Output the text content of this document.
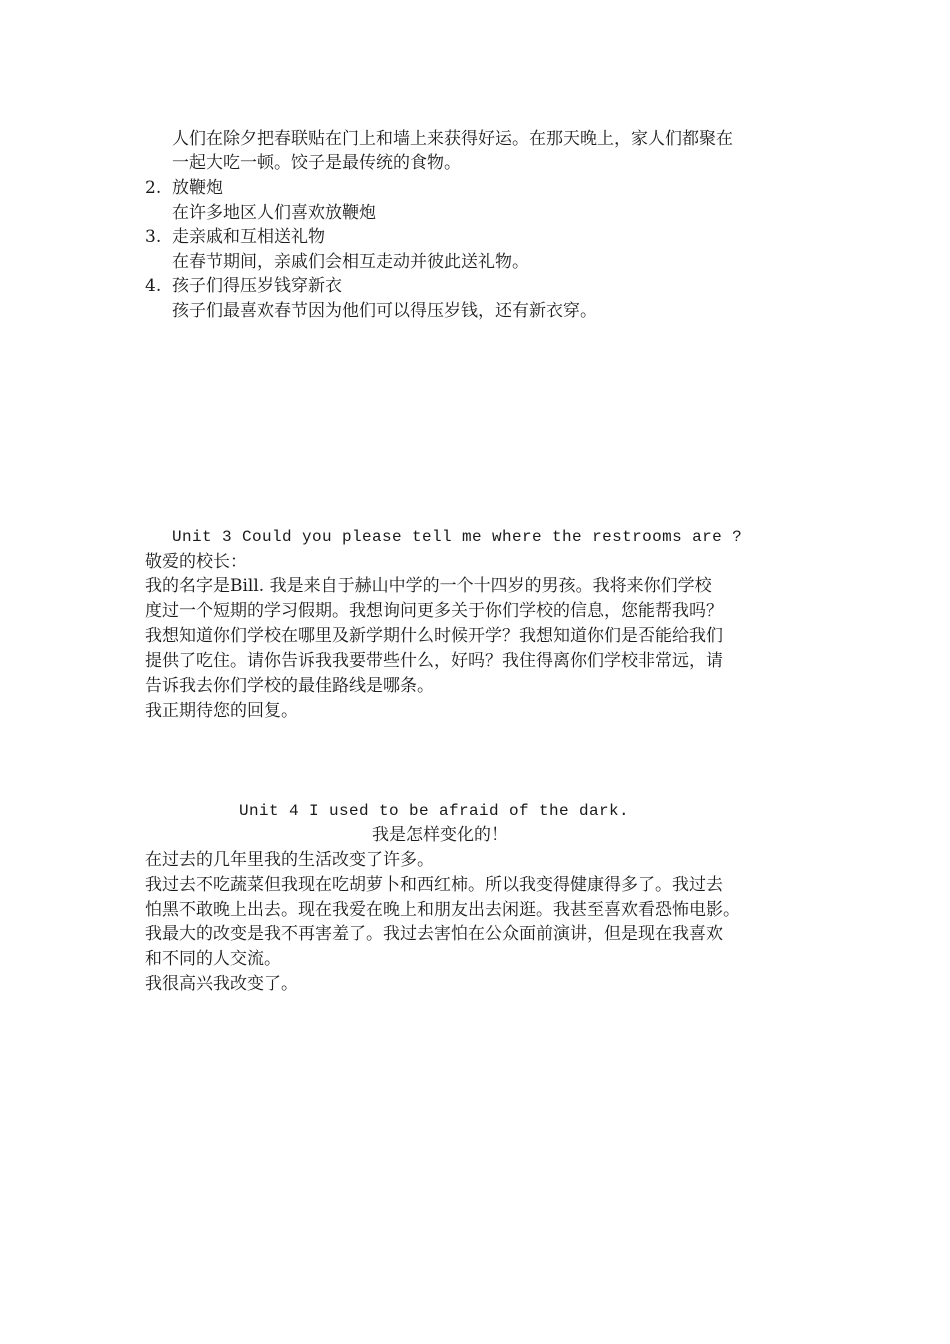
人们在除夕把春联贴在门上和墙上来获得好运。在那天晚上，家人们都聚在
一起大吃一顿。饺子是最传统的食物。
2. 放鞭炮
在许多地区人们喜欢放鞭炮
3. 走亲戚和互相送礼物
在春节期间，亲戚们会相互走动并彼此送礼物。
4. 孩子们得压岁钱穿新衣
孩子们最喜欢春节因为他们可以得压岁钱，还有新衣穿。
Unit 3 Could you please tell me where the restrooms are ?
敬爱的校长：
我的名字是Bill. 我是来自于赫山中学的一个十四岁的男孩。我将来你们学校
度过一个短期的学习假期。我想询问更多关于你们学校的信息，您能帮我吗？
我想知道你们学校在哪里及新学期什么时候开学？我想知道你们是否能给我们
提供了吃住。请你告诉我我要带些什么，好吗？我住得离你们学校非常远，请
告诉我去你们学校的最佳路线是哪条。
我正期待您的回复。
Unit 4 I used to be afraid of the dark.
我是怎样变化的！
在过去的几年里我的生活改变了许多。
我过去不吃蔬菜但我现在吃胡萝卜和西红柿。所以我变得健康得多了。我过去
怕黑不敢晚上出去。现在我爱在晚上和朋友出去闲逛。我甚至喜欢看恐怖电影。
我最大的改变是我不再害羞了。我过去害怕在公众面前演讲，但是现在我喜欢
和不同的人交流。
我很高兴我改变了。
